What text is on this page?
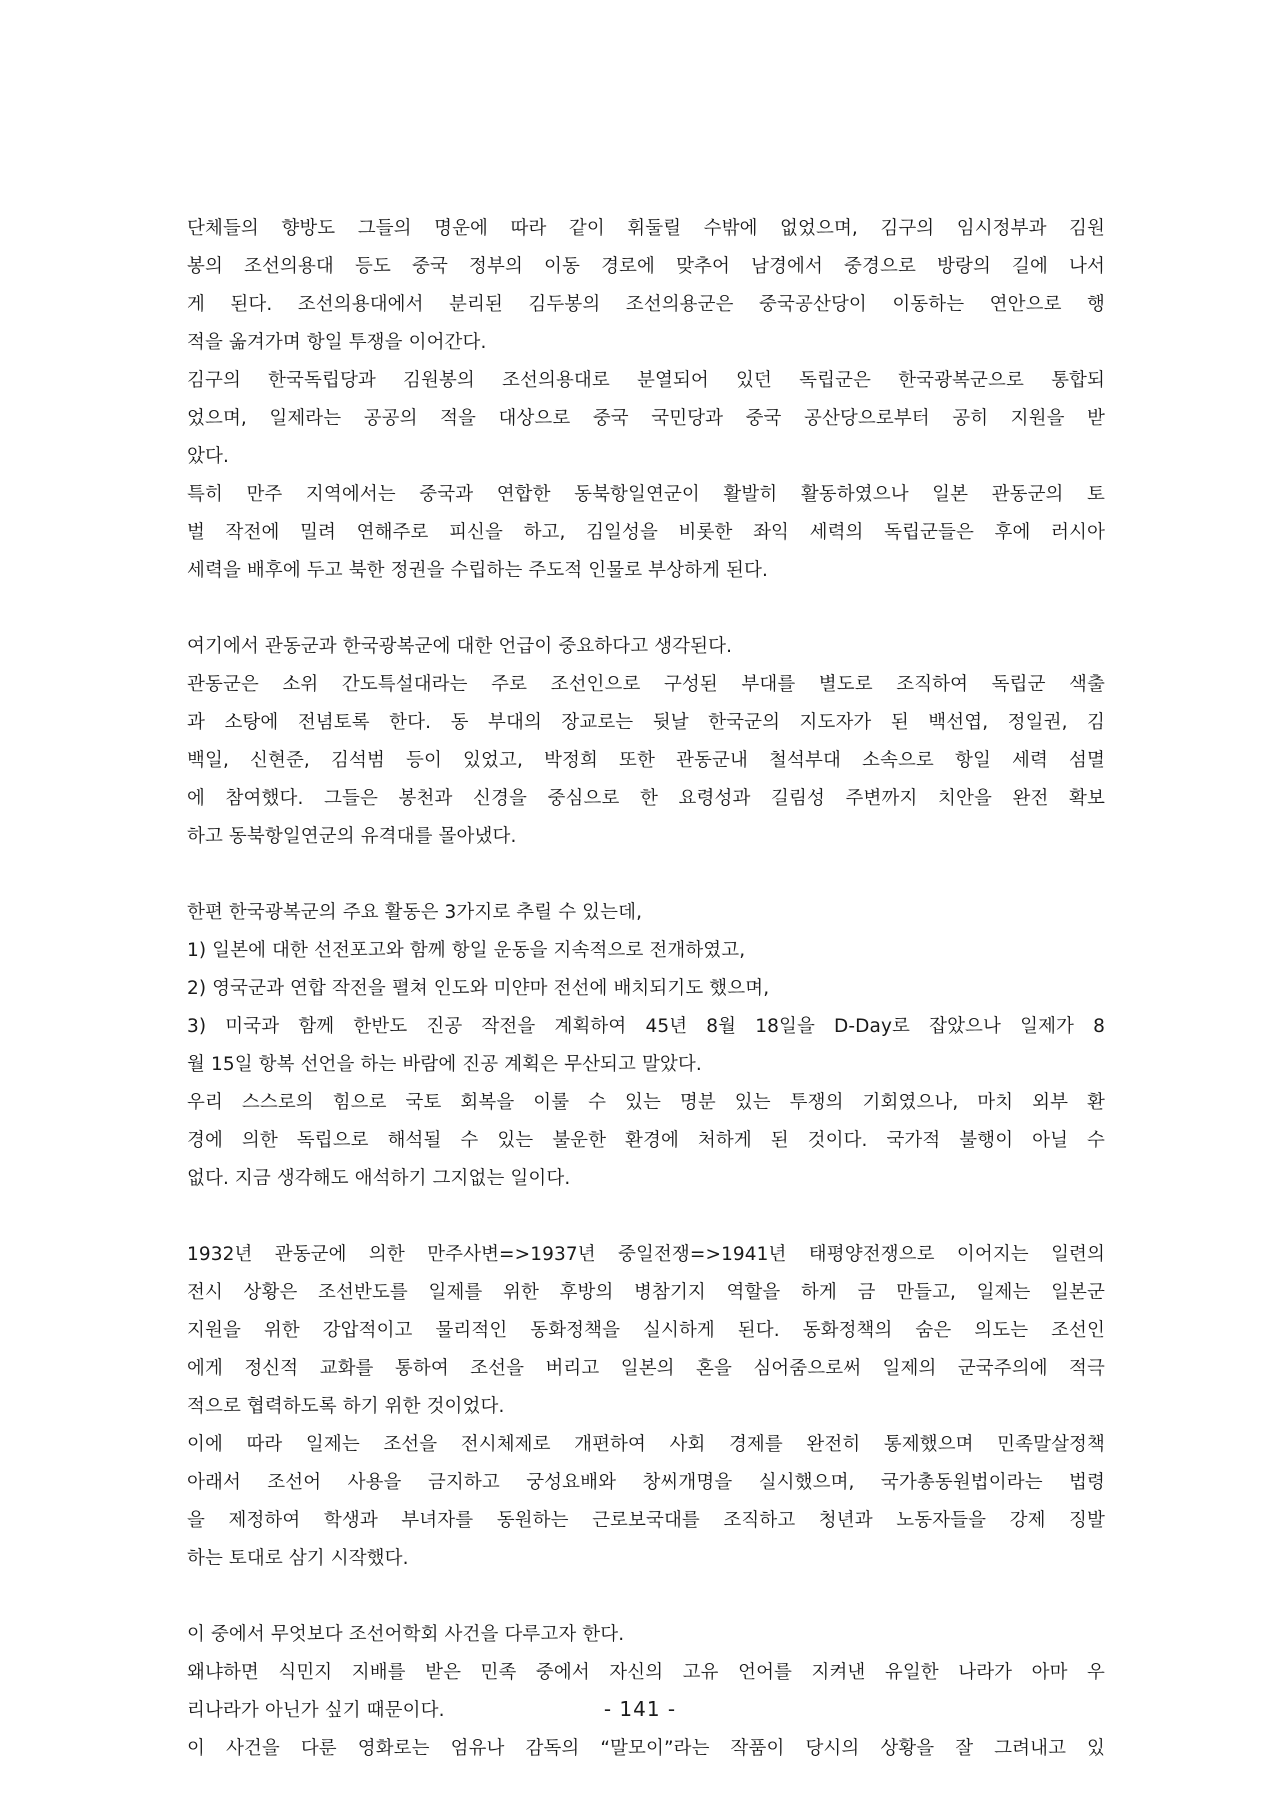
단체들의 향방도 그들의 명운에 따라 같이 휘둘릴 수밖에 없었으며, 김구의 임시정부과 김원
봉의 조선의용대 등도 중국 정부의 이동 경로에 맞추어 남경에서 중경으로 방랑의 길에 나서
게 된다. 조선의용대에서 분리된 김두봉의 조선의용군은 중국공산당이 이동하는 연안으로 행
적을 옮겨가며 항일 투쟁을 이어간다.
김구의 한국독립당과 김원봉의 조선의용대로 분열되어 있던 독립군은 한국광복군으로 통합되
었으며, 일제라는 공공의 적을 대상으로 중국 국민당과 중국 공산당으로부터 공히 지원을 받
았다.
특히 만주 지역에서는 중국과 연합한 동북항일연군이 활발히 활동하였으나 일본 관동군의 토
벌 작전에 밀려 연해주로 피신을 하고, 김일성을 비롯한 좌익 세력의 독립군들은 후에 러시아
세력을 배후에 두고 북한 정권을 수립하는 주도적 인물로 부상하게 된다.
여기에서 관동군과 한국광복군에 대한 언급이 중요하다고 생각된다.
관동군은 소위 간도특설대라는 주로 조선인으로 구성된 부대를 별도로 조직하여 독립군 색출
과 소탕에 전념토록 한다. 동 부대의 장교로는 뒷날 한국군의 지도자가 된 백선엽, 정일권, 김
백일, 신현준, 김석범 등이 있었고, 박정희 또한 관동군내 철석부대 소속으로 항일 세력 섬멸
에 참여했다. 그들은 봉천과 신경을 중심으로 한 요령성과 길림성 주변까지 치안을 완전 확보
하고 동북항일연군의 유격대를 몰아냈다.
한편 한국광복군의 주요 활동은 3가지로 추릴 수 있는데,
1) 일본에 대한 선전포고와 함께 항일 운동을 지속적으로 전개하였고,
2) 영국군과 연합 작전을 펼쳐 인도와 미얀마 전선에 배치되기도 했으며,
3) 미국과 함께 한반도 진공 작전을 계획하여 45년 8월 18일을 D-Day로 잡았으나 일제가 8
월 15일 항복 선언을 하는 바람에 진공 계획은 무산되고 말았다.
우리 스스로의 힘으로 국토 회복을 이룰 수 있는 명분 있는 투쟁의 기회였으나, 마치 외부 환
경에 의한 독립으로 해석될 수 있는 불운한 환경에 처하게 된 것이다. 국가적 불행이 아닐 수
없다. 지금 생각해도 애석하기 그지없는 일이다.
1932년 관동군에 의한 만주사변=>1937년 중일전쟁=>1941년 태평양전쟁으로 이어지는 일련의
전시 상황은 조선반도를 일제를 위한 후방의 병참기지 역할을 하게 금 만들고, 일제는 일본군
지원을 위한 강압적이고 물리적인 동화정책을 실시하게 된다. 동화정책의 숨은 의도는 조선인
에게 정신적 교화를 통하여 조선을 버리고 일본의 혼을 심어줌으로써 일제의 군국주의에 적극
적으로 협력하도록 하기 위한 것이었다.
이에 따라 일제는 조선을 전시체제로 개편하여 사회 경제를 완전히 통제했으며 민족말살정책
아래서 조선어 사용을 금지하고 궁성요배와 창씨개명을 실시했으며, 국가총동원법이라는 법령
을 제정하여 학생과 부녀자를 동원하는 근로보국대를 조직하고 청년과 노동자들을 강제 징발
하는 토대로 삼기 시작했다.
이 중에서 무엇보다 조선어학회 사건을 다루고자 한다.
왜냐하면 식민지 지배를 받은 민족 중에서 자신의 고유 언어를 지켜낸 유일한 나라가 아마 우
리나라가 아닌가 싶기 때문이다.
이 사건을 다룬 영화로는 엄유나 감독의 “말모이”라는 작품이 당시의 상황을 잘 그려내고 있
- 141 -
